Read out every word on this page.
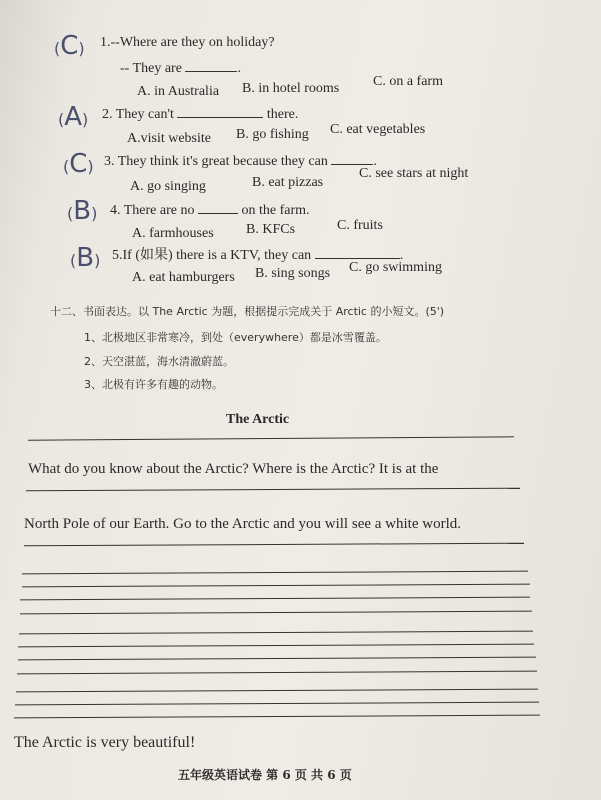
(C) 1.--Where are they on holiday?
-- They are	.
A. in Australia B. in hotel rooms C. on a farm
(A) 2. They can't	there.
A.visit website B. go fishing C. eat vegetables
(C) 3. They think it's great because they can	.
A. go singing	B. eat pizzas
C. see stars at night
(B) 4. There are no	on the farm.
A. farmhouses B. KFCs	C. fruits
(B) 5.If (如果) there is a KTV, they can	.
A. eat hamburgers B. sing songs C. go swimming
十二、书面表达。以 The Arctic 为题，根据提示完成关于 Arctic 的小短文。(5')
1、北极地区非常寒冷，到处（everywhere）都是冰雪覆盖。
2、天空湛蓝，海水清澈蔚蓝。
3、北极有许多有趣的动物。
The Arctic
What do you know about the Arctic? Where is the Arctic? It is at the
North Pole of our Earth. Go to the Arctic and you will see a white world.
The Arctic is very beautiful!
五年级英语试卷 第 6 页 共 6 页
